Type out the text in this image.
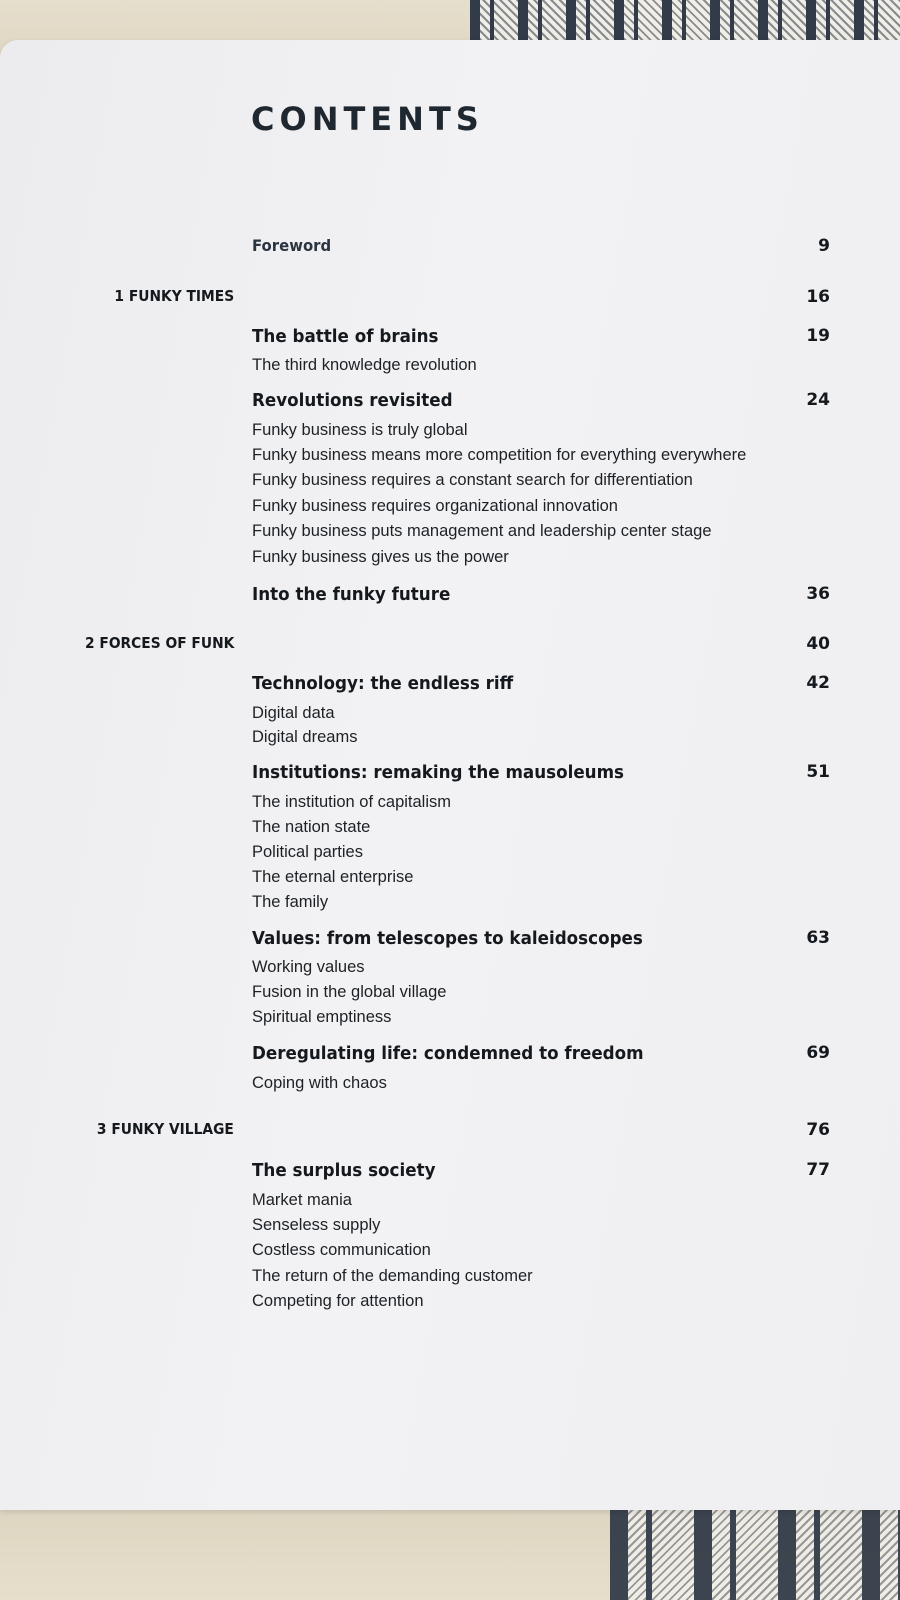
CONTENTS
Foreword	9
1 FUNKY TIMES	16
The battle of brains	19
The third knowledge revolution
Revolutions revisited	24
Funky business is truly global
Funky business means more competition for everything everywhere
Funky business requires a constant search for differentiation
Funky business requires organizational innovation
Funky business puts management and leadership center stage
Funky business gives us the power
Into the funky future	36
2 FORCES OF FUNK	40
Technology: the endless riff	42
Digital data
Digital dreams
Institutions: remaking the mausoleums	51
The institution of capitalism
The nation state
Political parties
The eternal enterprise
The family
Values: from telescopes to kaleidoscopes	63
Working values
Fusion in the global village
Spiritual emptiness
Deregulating life: condemned to freedom	69
Coping with chaos
3 FUNKY VILLAGE	76
The surplus society	77
Market mania
Senseless supply
Costless communication
The return of the demanding customer
Competing for attention
